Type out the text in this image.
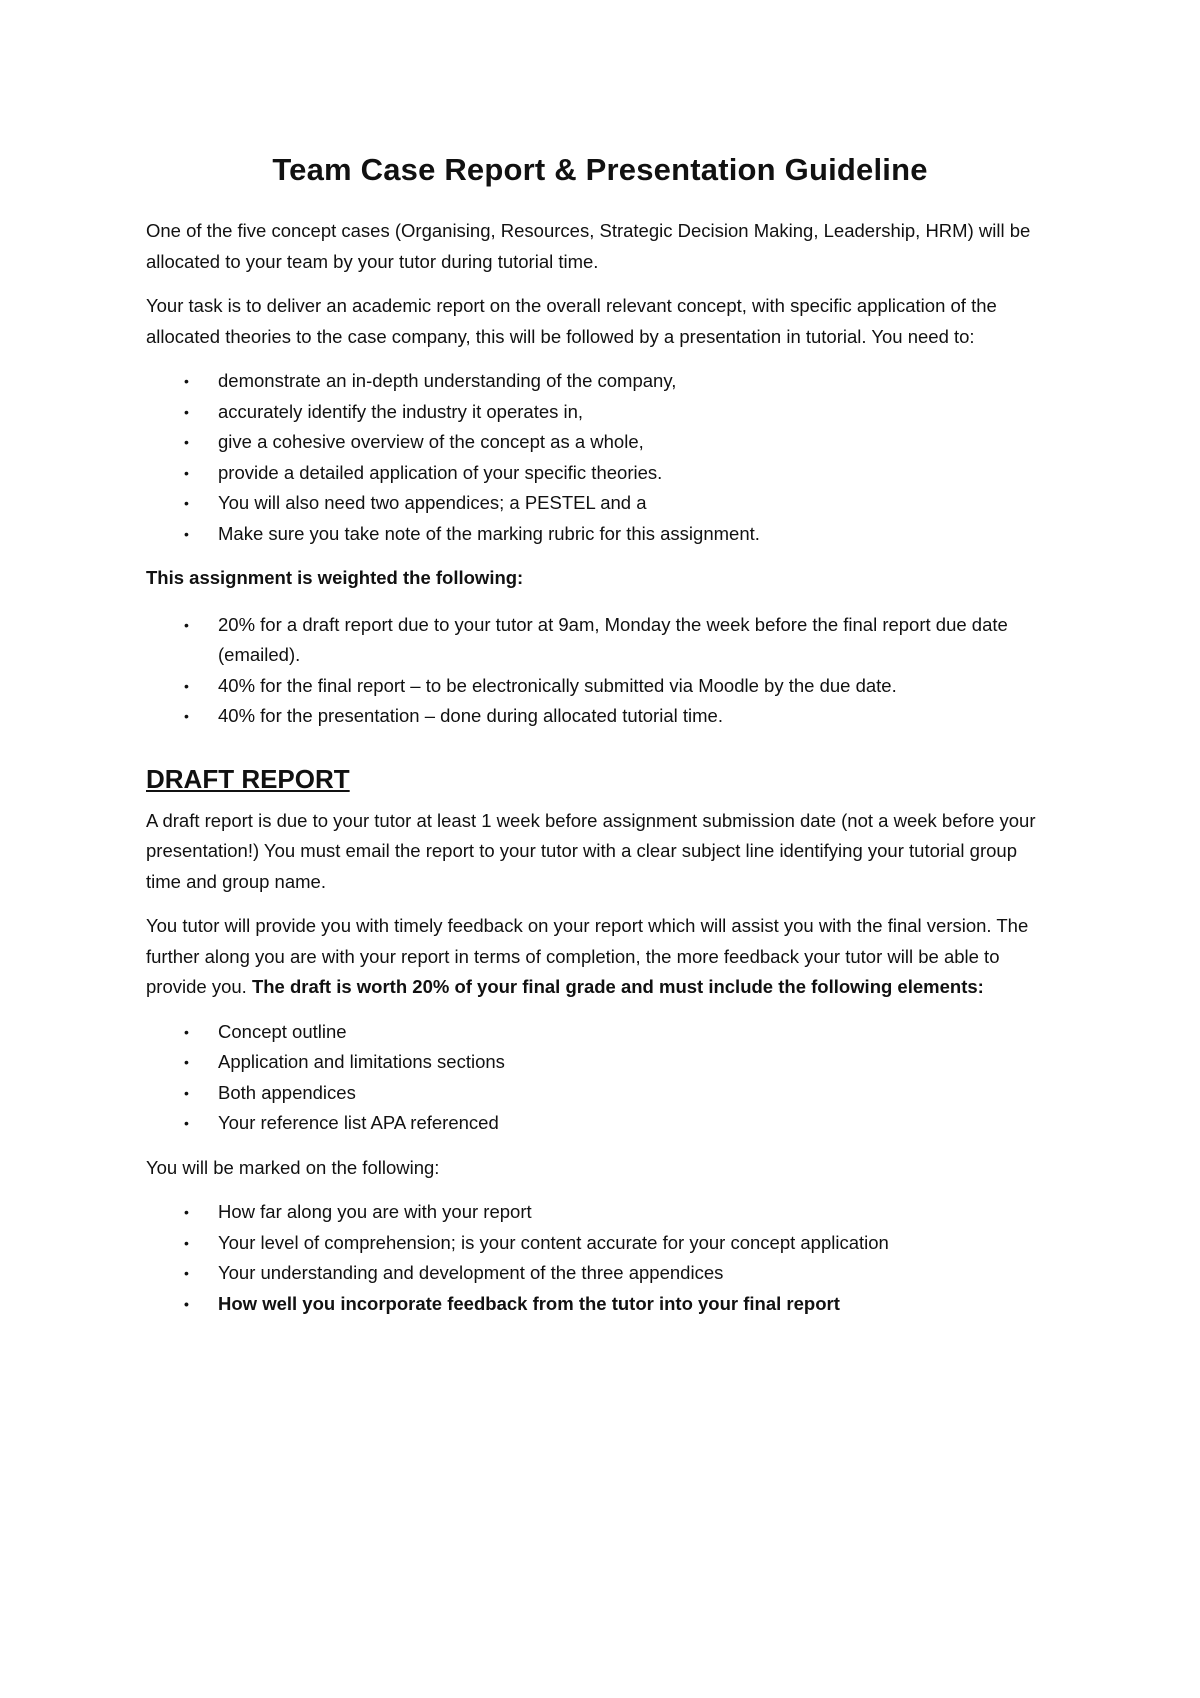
Team Case Report & Presentation Guideline

One of the five concept cases (Organising, Resources, Strategic Decision Making, Leadership, HRM) will be allocated to your team by your tutor during tutorial time.

Your task is to deliver an academic report on the overall relevant concept, with specific application of the allocated theories to the case company, this will be followed by a presentation in tutorial. You need to:

• demonstrate an in-depth understanding of the company,
• accurately identify the industry it operates in,
• give a cohesive overview of the concept as a whole,
• provide a detailed application of your specific theories.
• You will also need two appendices; a PESTEL and a
• Make sure you take note of the marking rubric for this assignment.

This assignment is weighted the following:

• 20% for a draft report due to your tutor at 9am, Monday the week before the final report due date (emailed).
• 40% for the final report – to be electronically submitted via Moodle by the due date.
• 40% for the presentation – done during allocated tutorial time.
DRAFT REPORT

A draft report is due to your tutor at least 1 week before assignment submission date (not a week before your presentation!) You must email the report to your tutor with a clear subject line identifying your tutorial group time and group name.

You tutor will provide you with timely feedback on your report which will assist you with the final version. The further along you are with your report in terms of completion, the more feedback your tutor will be able to provide you. The draft is worth 20% of your final grade and must include the following elements:

• Concept outline
• Application and limitations sections
• Both appendices
• Your reference list APA referenced

You will be marked on the following:

• How far along you are with your report
• Your level of comprehension; is your content accurate for your concept application
• Your understanding and development of the three appendices
• How well you incorporate feedback from the tutor into your final report
